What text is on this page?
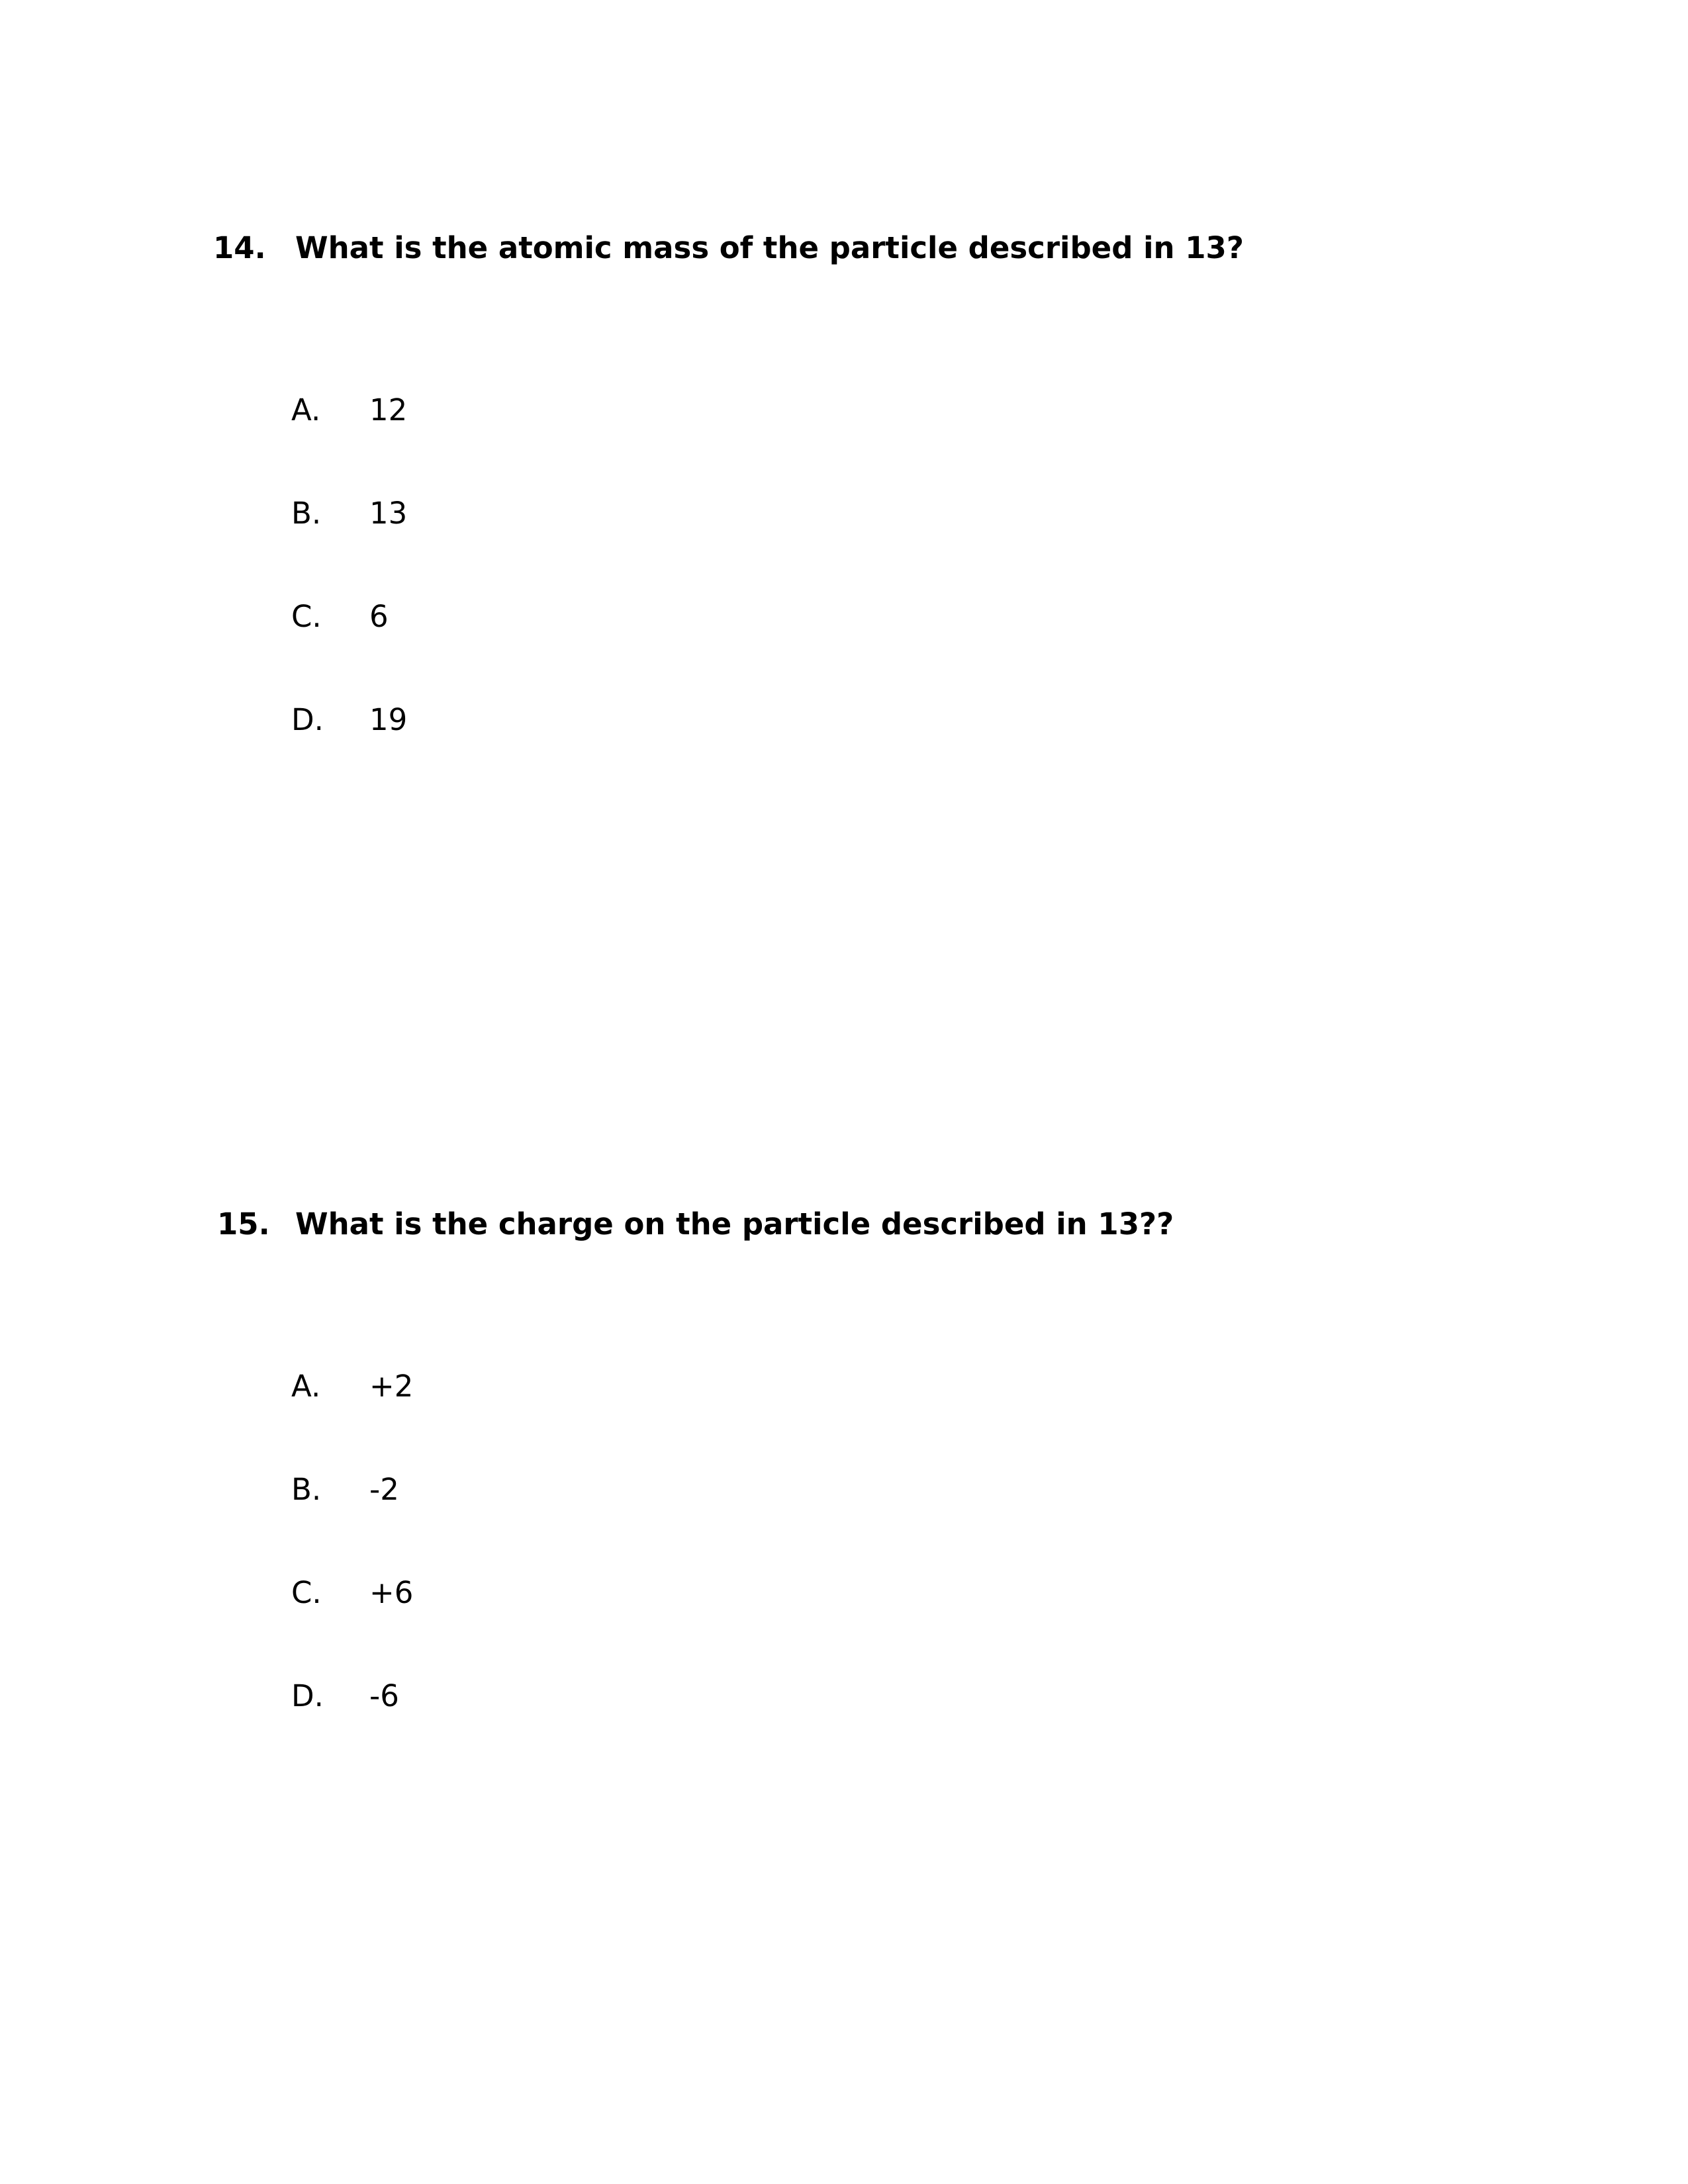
14. What is the atomic mass of the particle described in 13?
A. 12
B. 13
C. 6
D. 19
15. What is the charge on the particle described in 13??
A. +2
B. -2
C. +6
D. -6
